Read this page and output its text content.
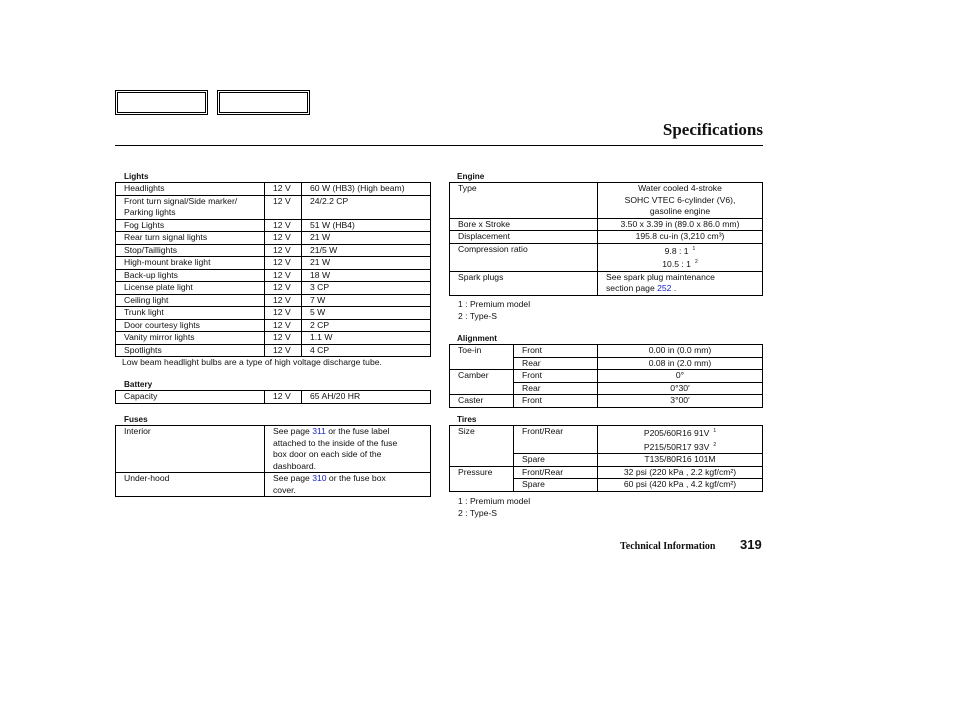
Specifications
Lights
Headlights	12 V	60 W (HB3) (High beam)
Front turn signal/Side marker/	12 V	24/2.2 CP
Parking lights		
Fog Lights	12 V	51 W (HB4)
Rear turn signal lights	12 V	21 W
Stop/Taillights	12 V	21/5 W
High-mount brake light	12 V	21 W
Back-up lights	12 V	18 W
License plate light	12 V	3 CP
Ceiling light	12 V	7 W
Trunk light	12 V	5 W
Door courtesy lights	12 V	2 CP
Vanity mirror lights	12 V	1.1 W
Spotlights	12 V	4 CP
Low beam headlight bulbs are a type of high voltage discharge tube.
Battery
Capacity	12 V	65 AH/20 HR
Fuses
Interior	See page 311 or the fuse label
attached to the inside of the fuse
box door on each side of the
dashboard.
Under-hood	See page 310 or the fuse box
cover.
Engine
Type	Water cooled 4-stroke
SOHC VTEC 6-cylinder (V6),
gasoline engine
Bore x Stroke	3.50 x 3.39 in (89.0 x 86.0 mm)
Displacement	195.8 cu-in (3,210 cm³)
Compression ratio	9.8 : 1 $^1$
10.5 : 1 $^2$
Spark plugs	See spark plug maintenance
section page 252 .
1 : Premium model
2 : Type-S
Alignment
Toe-in	Front	0.00 in (0.0 mm)
	Rear	0.08 in (2.0 mm)
Camber	Front	0°
	Rear	0°30′
Caster	Front	3°00′
Tires
Size	Front/Rear	P205/60R16 91V $^1$
P215/50R17 93V $^2$
	Spare	T135/80R16 101M
Pressure	Front/Rear	32 psi (220 kPa , 2.2 kgf/cm²)
	Spare	60 psi (420 kPa , 4.2 kgf/cm²)
1 : Premium model
2 : Type-S
Technical Information 319
